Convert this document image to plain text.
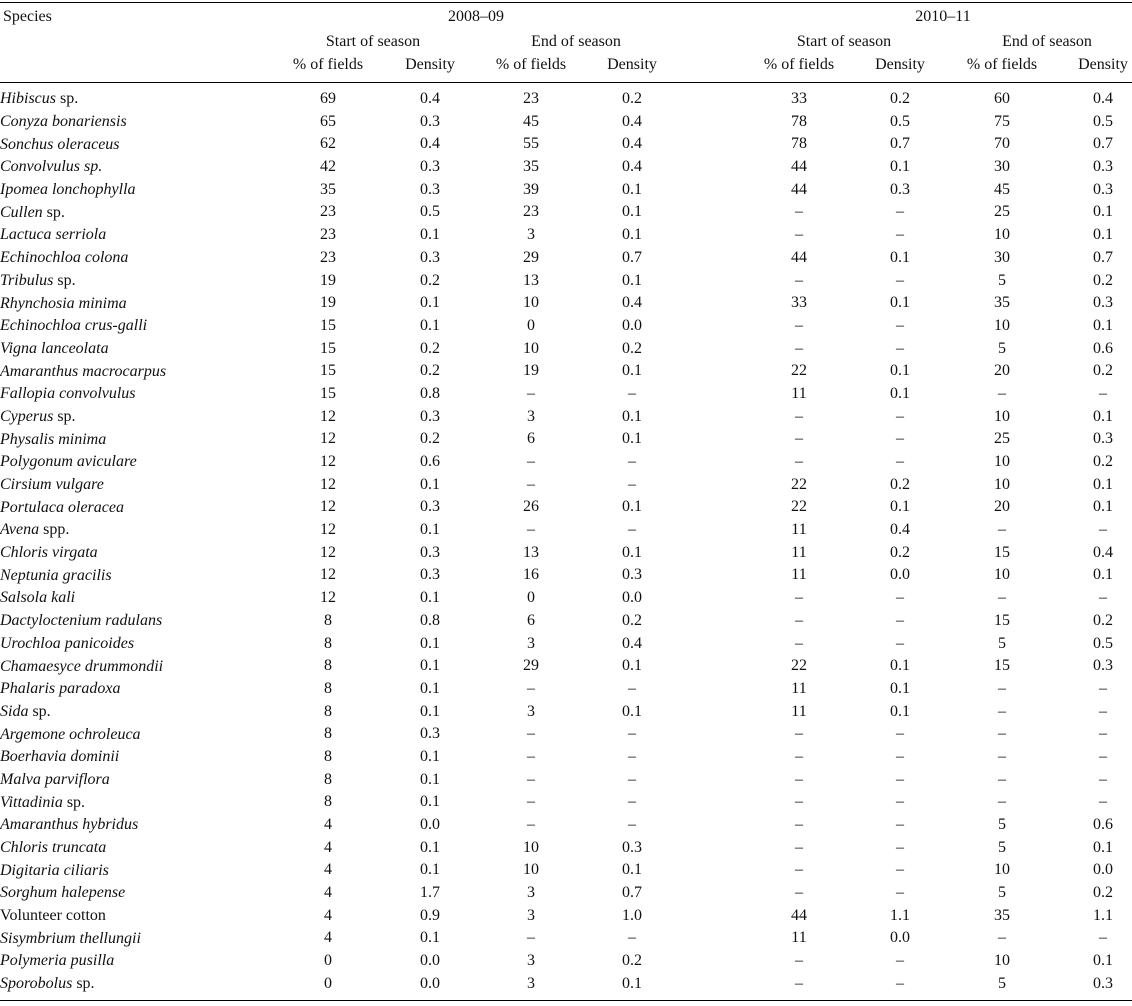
Species	2008–09	2010–11
Start of season	End of season	Start of season	End of season
% of fields	Density	% of fields	Density	% of fields	Density	% of fields	Density
Hibiscus sp.	69	0.4	23	0.2	33	0.2	60	0.4

Conyza bonariensis	65	0.3	45	0.4	78	0.5	75	0.5

Sonchus oleraceus	62	0.4	55	0.4	78	0.7	70	0.7

Convolvulus sp.	42	0.3	35	0.4	44	0.1	30	0.3

Ipomea lonchophylla	35	0.3	39	0.1	44	0.3	45	0.3

Cullen sp.	23	0.5	23	0.1	–	–	25	0.1

Lactuca serriola	23	0.1	3	0.1	–	–	10	0.1

Echinochloa colona	23	0.3	29	0.7	44	0.1	30	0.7

Tribulus sp.	19	0.2	13	0.1	–	–	5	0.2

Rhynchosia minima	19	0.1	10	0.4	33	0.1	35	0.3

Echinochloa crus-galli	15	0.1	0	0.0	–	–	10	0.1

Vigna lanceolata	15	0.2	10	0.2	–	–	5	0.6

Amaranthus macrocarpus	15	0.2	19	0.1	22	0.1	20	0.2

Fallopia convolvulus	15	0.8	–	–	11	0.1	–	–

Cyperus sp.	12	0.3	3	0.1	–	–	10	0.1

Physalis minima	12	0.2	6	0.1	–	–	25	0.3

Polygonum aviculare	12	0.6	–	–	–	–	10	0.2

Cirsium vulgare	12	0.1	–	–	22	0.2	10	0.1

Portulaca oleracea	12	0.3	26	0.1	22	0.1	20	0.1

Avena spp.	12	0.1	–	–	11	0.4	–	–

Chloris virgata	12	0.3	13	0.1	11	0.2	15	0.4

Neptunia gracilis	12	0.3	16	0.3	11	0.0	10	0.1

Salsola kali	12	0.1	0	0.0	–	–	–	–

Dactyloctenium radulans	8	0.8	6	0.2	–	–	15	0.2

Urochloa panicoides	8	0.1	3	0.4	–	–	5	0.5

Chamaesyce drummondii	8	0.1	29	0.1	22	0.1	15	0.3

Phalaris paradoxa	8	0.1	–	–	11	0.1	–	–

Sida sp.	8	0.1	3	0.1	11	0.1	–	–

Argemone ochroleuca	8	0.3	–	–	–	–	–	–

Boerhavia dominii	8	0.1	–	–	–	–	–	–

Malva parviflora	8	0.1	–	–	–	–	–	–

Vittadinia sp.	8	0.1	–	–	–	–	–	–

Amaranthus hybridus	4	0.0	–	–	–	–	5	0.6

Chloris truncata	4	0.1	10	0.3	–	–	5	0.1

Digitaria ciliaris	4	0.1	10	0.1	–	–	10	0.0

Sorghum halepense	4	1.7	3	0.7	–	–	5	0.2

Volunteer cotton	4	0.9	3	1.0	44	1.1	35	1.1

Sisymbrium thellungii	4	0.1	–	–	11	0.0	–	–

Polymeria pusilla	0	0.0	3	0.2	–	–	10	0.1

Sporobolus sp.	0	0.0	3	0.1	–	–	5	0.3
